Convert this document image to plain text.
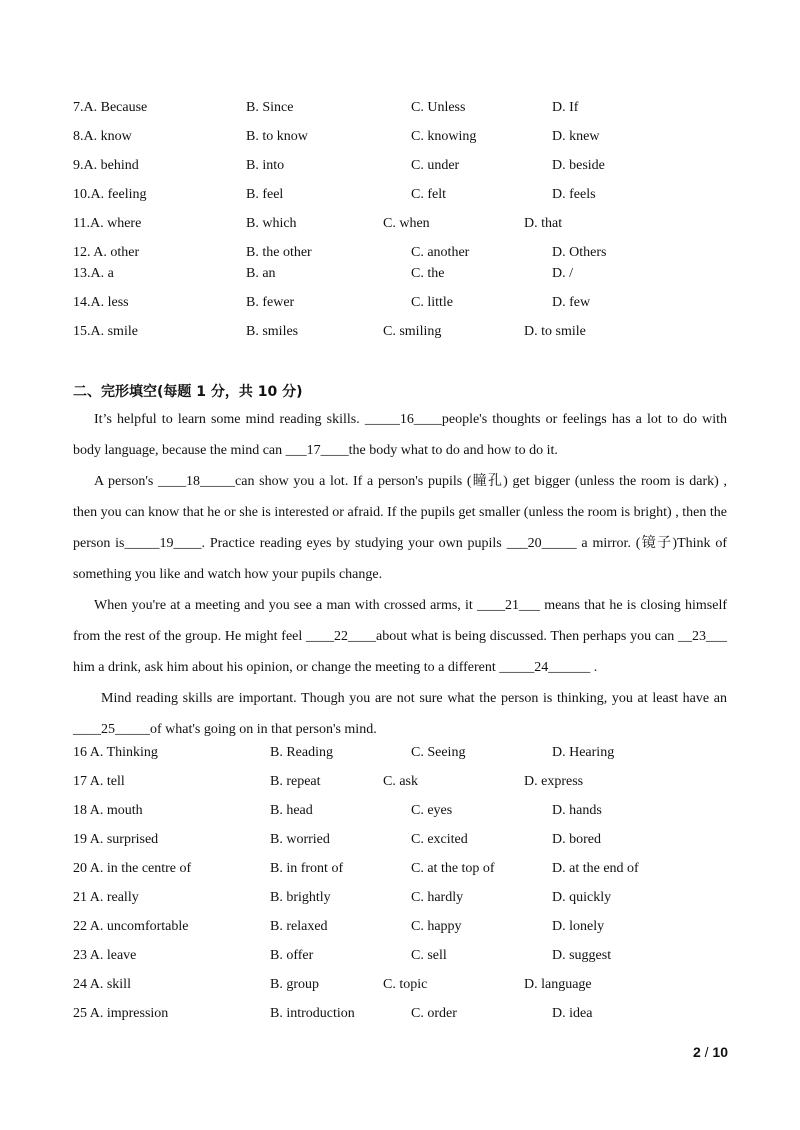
7.A. Because	B. Since	C. Unless	D. If
8.A. know	B. to know	C. knowing	D. knew
9.A. behind	B. into	C. under	D. beside
10.A. feeling	B. feel	C. felt	D. feels
11.A. where	B. which	C. when	D. that
12. A. other	B. the other	C. another	D. Others
13.A. a	B. an	C. the	D. /
14.A. less	B. fewer	C. little	D. few
15.A. smile	B. smiles	C. smiling	D. to smile
二、完形填空(每题 1 分，共 10 分)

It’s helpful to learn some mind reading skills. _____16____people's thoughts or feelings has a lot to do with body language, because the mind can ___17____the body what to do and how to do it.

A person's ____18_____can show you a lot. If a person's pupils (瞳孔) get bigger (unless the room is dark) , then you can know that he or she is interested or afraid. If the pupils get smaller (unless the room is bright) , then the person is_____19____. Practice reading eyes by studying your own pupils ___20_____ a mirror. (镜子)Think of something you like and watch how your pupils change.

When you're at a meeting and you see a man with crossed arms, it ____21___ means that he is closing himself from the rest of the group. He might feel ____22____about what is being discussed. Then perhaps you can __23___ him a drink, ask him about his opinion, or change the meeting to a different _____24______ .

Mind reading skills are important. Though you are not sure what the person is thinking, you at least have an ____25_____of what's going on in that person's mind.

16 A. Thinking	B. Reading	C. Seeing	D. Hearing
17 A. tell	B. repeat	C. ask	D. express
18 A. mouth	B. head	C. eyes	D. hands
19 A. surprised	B. worried	C. excited	D. bored
20 A. in the centre of	B. in front of	C. at the top of	D. at the end of
21 A. really	B. brightly	C. hardly	D. quickly
22 A. uncomfortable	B. relaxed	C. happy	D. lonely
23 A. leave	B. offer	C. sell	D. suggest
24 A. skill	B. group	C. topic	D. language
25 A. impression	B. introduction	C. order	D. idea
2 / 10
